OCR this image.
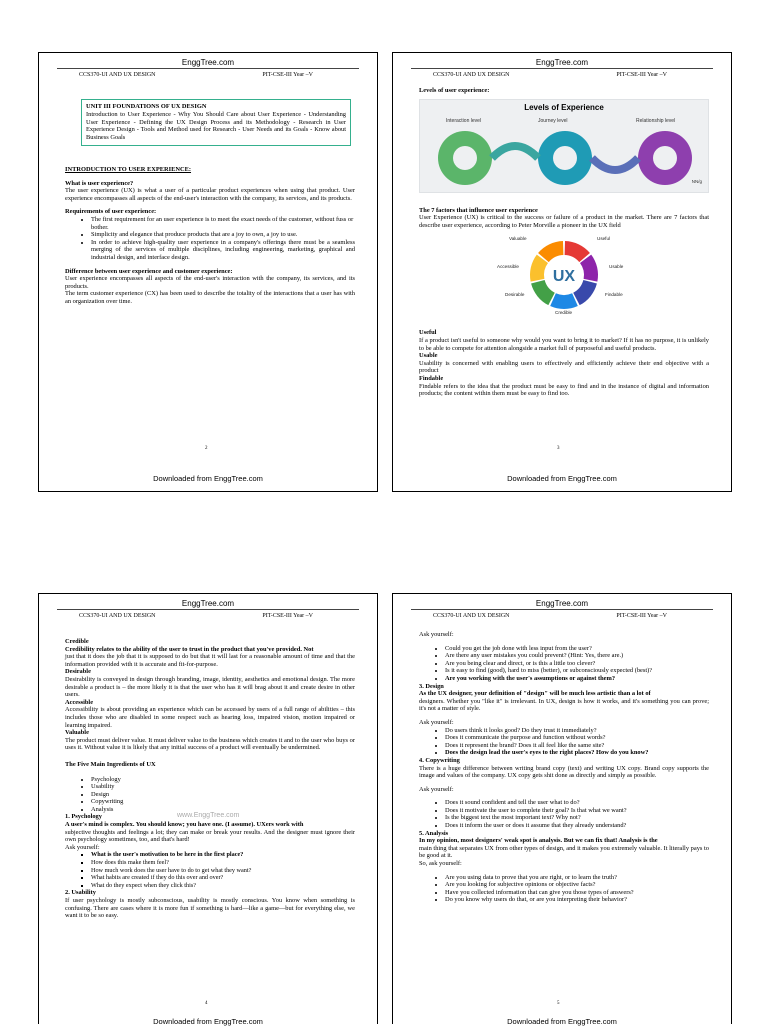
EnggTree.com
CCS370-UI AND UX DESIGN	PIT-CSE-III Year –V
UNIT III FOUNDATIONS OF UX DESIGN
Introduction to User Experience - Why You Should Care about User Experience - Understanding User Experience - Defining the UX Design Process and its Methodology - Research in User Experience Design - Tools and Method used for Research - User Needs and its Goals - Know about Business Goals

INTRODUCTION TO USER EXPERIENCE:

What is user experience?

The user experience (UX) is what a user of a particular product experiences when using that product. User experience encompasses all aspects of the end-user's interaction with the company, its services, and its products.

Requirements of user experience:

• The first requirement for an user experience is to meet the exact needs of the customer, without fuss or bother.
• Simplicity and elegance that produce products that are a joy to own, a joy to use.
• In order to achieve high-quality user experience in a company's offerings there must be a seamless merging of the services of multiple disciplines, including engineering, marketing, graphical and industrial design, and interface design.

Difference between user experience and customer experience:

User experience encompasses all aspects of the end-user's interaction with the company, its services, and its products.

The term customer experience (CX) has been used to describe the totality of the interactions that a user has with an organization over time.

2
Downloaded from EnggTree.com
EnggTree.com
CCS370-UI AND UX DESIGN	PIT-CSE-III Year –V

Levels of user experience:

Levels of Experience
Interaction level	Journey level	Relationship level
NN/g

The 7 factors that influence user experience

User Experience (UX) is critical to the success or failure of a product in the market. There are 7 factors that describe user experience, according to Peter Morville a pioneer in the UX field

UX
Valuable	Useful
Accessible	Usable
Desirable	Findable
Credible

Useful

If a product isn't useful to someone why would you want to bring it to market? If it has no purpose, it is unlikely to be able to compete for attention alongside a market full of purposeful and useful products.

Usable

Usability is concerned with enabling users to effectively and efficiently achieve their end objective with a product

Findable

Findable refers to the idea that the product must be easy to find and in the instance of digital and information products; the content within them must be easy to find too.

3
Downloaded from EnggTree.com
EnggTree.com
CCS370-UI AND UX DESIGN	PIT-CSE-III Year –V

Credible

Credibility relates to the ability of the user to trust in the product that you've provided. Not

just that it does the job that it is supposed to do but that it will last for a reasonable amount of time and that the information provided with it is accurate and fit-for-purpose.

Desirable

Desirability is conveyed in design through branding, image, identity, aesthetics and emotional design. The more desirable a product is – the more likely it is that the user who has it will brag about it and create desire in other users.

Accessible

Accessibility is about providing an experience which can be accessed by users of a full range of abilities – this includes those who are disabled in some respect such as hearing loss, impaired vision, motion impaired or learning impaired.

Valuable

The product must deliver value. It must deliver value to the business which creates it and to the user who buys or uses it. Without value it is likely that any initial success of a product will eventually be undermined.

The Five Main Ingredients of UX

• Psychology
• Usability
• Design
• Copywriting
• Analysis

1. Psychology

A user's mind is complex. You should know; you have one. (I assume). UXers work with

subjective thoughts and feelings a lot; they can make or break your results. And the designer must ignore their own psychology sometimes, too, and that's hard!

Ask yourself:

▪ What is the user's motivation to be here in the first place?
▪ How does this make them feel?
▪ How much work does the user have to do to get what they want?
▪ What habits are created if they do this over and over?
▪ What do they expect when they click this?

2. Usability

If user psychology is mostly subconscious, usability is mostly conscious. You know when something is confusing. There are cases where it is more fun if something is hard—like a game—but for everything else, we want it to be so easy.

www.EnggTree.com
4
Downloaded from EnggTree.com
EnggTree.com
CCS370-UI AND UX DESIGN	PIT-CSE-III Year –V

Ask yourself:

• Could you get the job done with less input from the user?
• Are there any user mistakes you could prevent? (Hint: Yes, there are.)
• Are you being clear and direct, or is this a little too clever?
• Is it easy to find (good), hard to miss (better), or subconsciously expected (best)?
• Are you working with the user's assumptions or against them?

3. Design

As the UX designer, your definition of "design" will be much less artistic than a lot of

designers. Whether you "like it" is irrelevant. In UX, design is how it works, and it's something you can prove; it's not a matter of style.

Ask yourself:

• Do users think it looks good? Do they trust it immediately?
• Does it communicate the purpose and function without words?
• Does it represent the brand? Does it all feel like the same site?
• Does the design lead the user's eyes to the right places? How do you know?

4. Copywriting

There is a huge difference between writing brand copy (text) and writing UX copy. Brand copy supports the image and values of the company. UX copy gets shit done as directly and simply as possible.

Ask yourself:

• Does it sound confident and tell the user what to do?
• Does it motivate the user to complete their goal? Is that what we want?
• Is the biggest text the most important text? Why not?
• Does it inform the user or does it assume that they already understand?

5. Analysis

In my opinion, most designers' weak spot is analysis. But we can fix that! Analysis is the

main thing that separates UX from other types of design, and it makes you extremely valuable. It literally pays to be good at it.

So, ask yourself:

• Are you using data to prove that you are right, or to learn the truth?
• Are you looking for subjective opinions or objective facts?
• Have you collected information that can give you those types of answers?
• Do you know why users do that, or are you interpreting their behavior?
5
Downloaded from EnggTree.com
